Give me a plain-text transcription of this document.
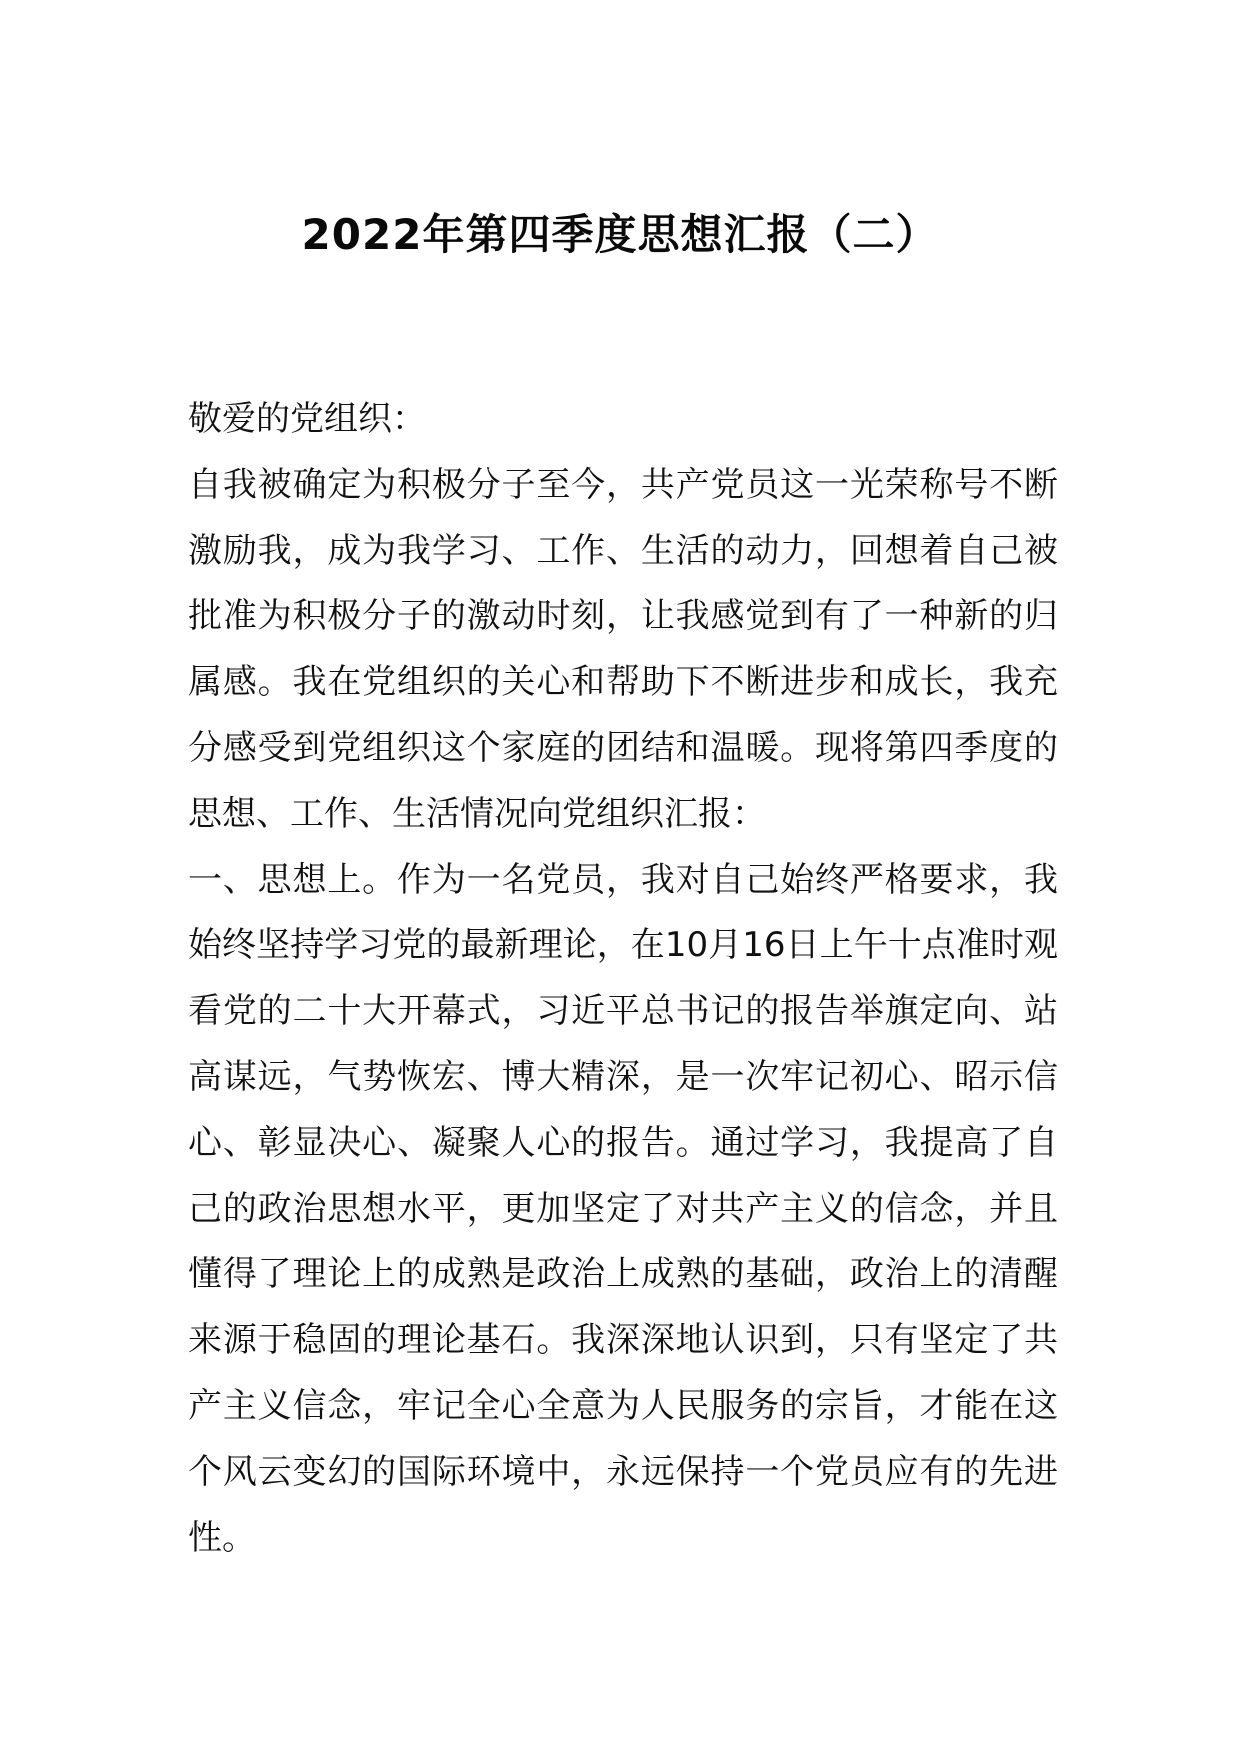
2022年第四季度思想汇报（二）
敬爱的党组织：
自我被确定为积极分子至今，共产党员这一光荣称号不断
激励我，成为我学习、工作、生活的动力，回想着自己被
批准为积极分子的激动时刻，让我感觉到有了一种新的归
属感。我在党组织的关心和帮助下不断进步和成长，我充
分感受到党组织这个家庭的团结和温暖。现将第四季度的
思想、工作、生活情况向党组织汇报：
一、思想上。作为一名党员，我对自己始终严格要求，我
始终坚持学习党的最新理论，在10月16日上午十点准时观
看党的二十大开幕式，习近平总书记的报告举旗定向、站
高谋远，气势恢宏、博大精深，是一次牢记初心、昭示信
心、彰显决心、凝聚人心的报告。通过学习，我提高了自
己的政治思想水平，更加坚定了对共产主义的信念，并且
懂得了理论上的成熟是政治上成熟的基础，政治上的清醒
来源于稳固的理论基石。我深深地认识到，只有坚定了共
产主义信念，牢记全心全意为人民服务的宗旨，才能在这
个风云变幻的国际环境中，永远保持一个党员应有的先进
性。
